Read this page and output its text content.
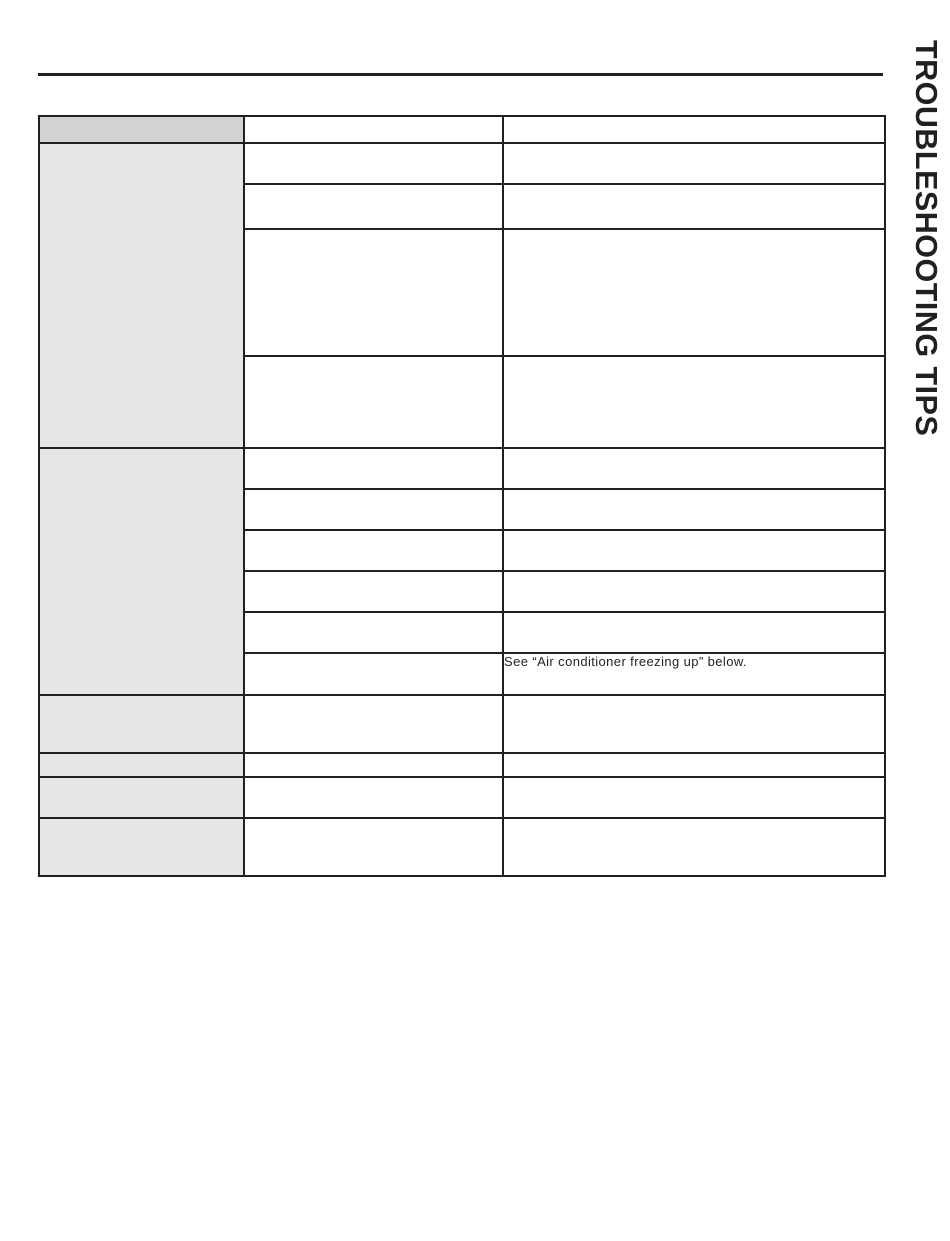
TROUBLESHOOTING TIPS

		See “Air conditioner freezing up” below.
